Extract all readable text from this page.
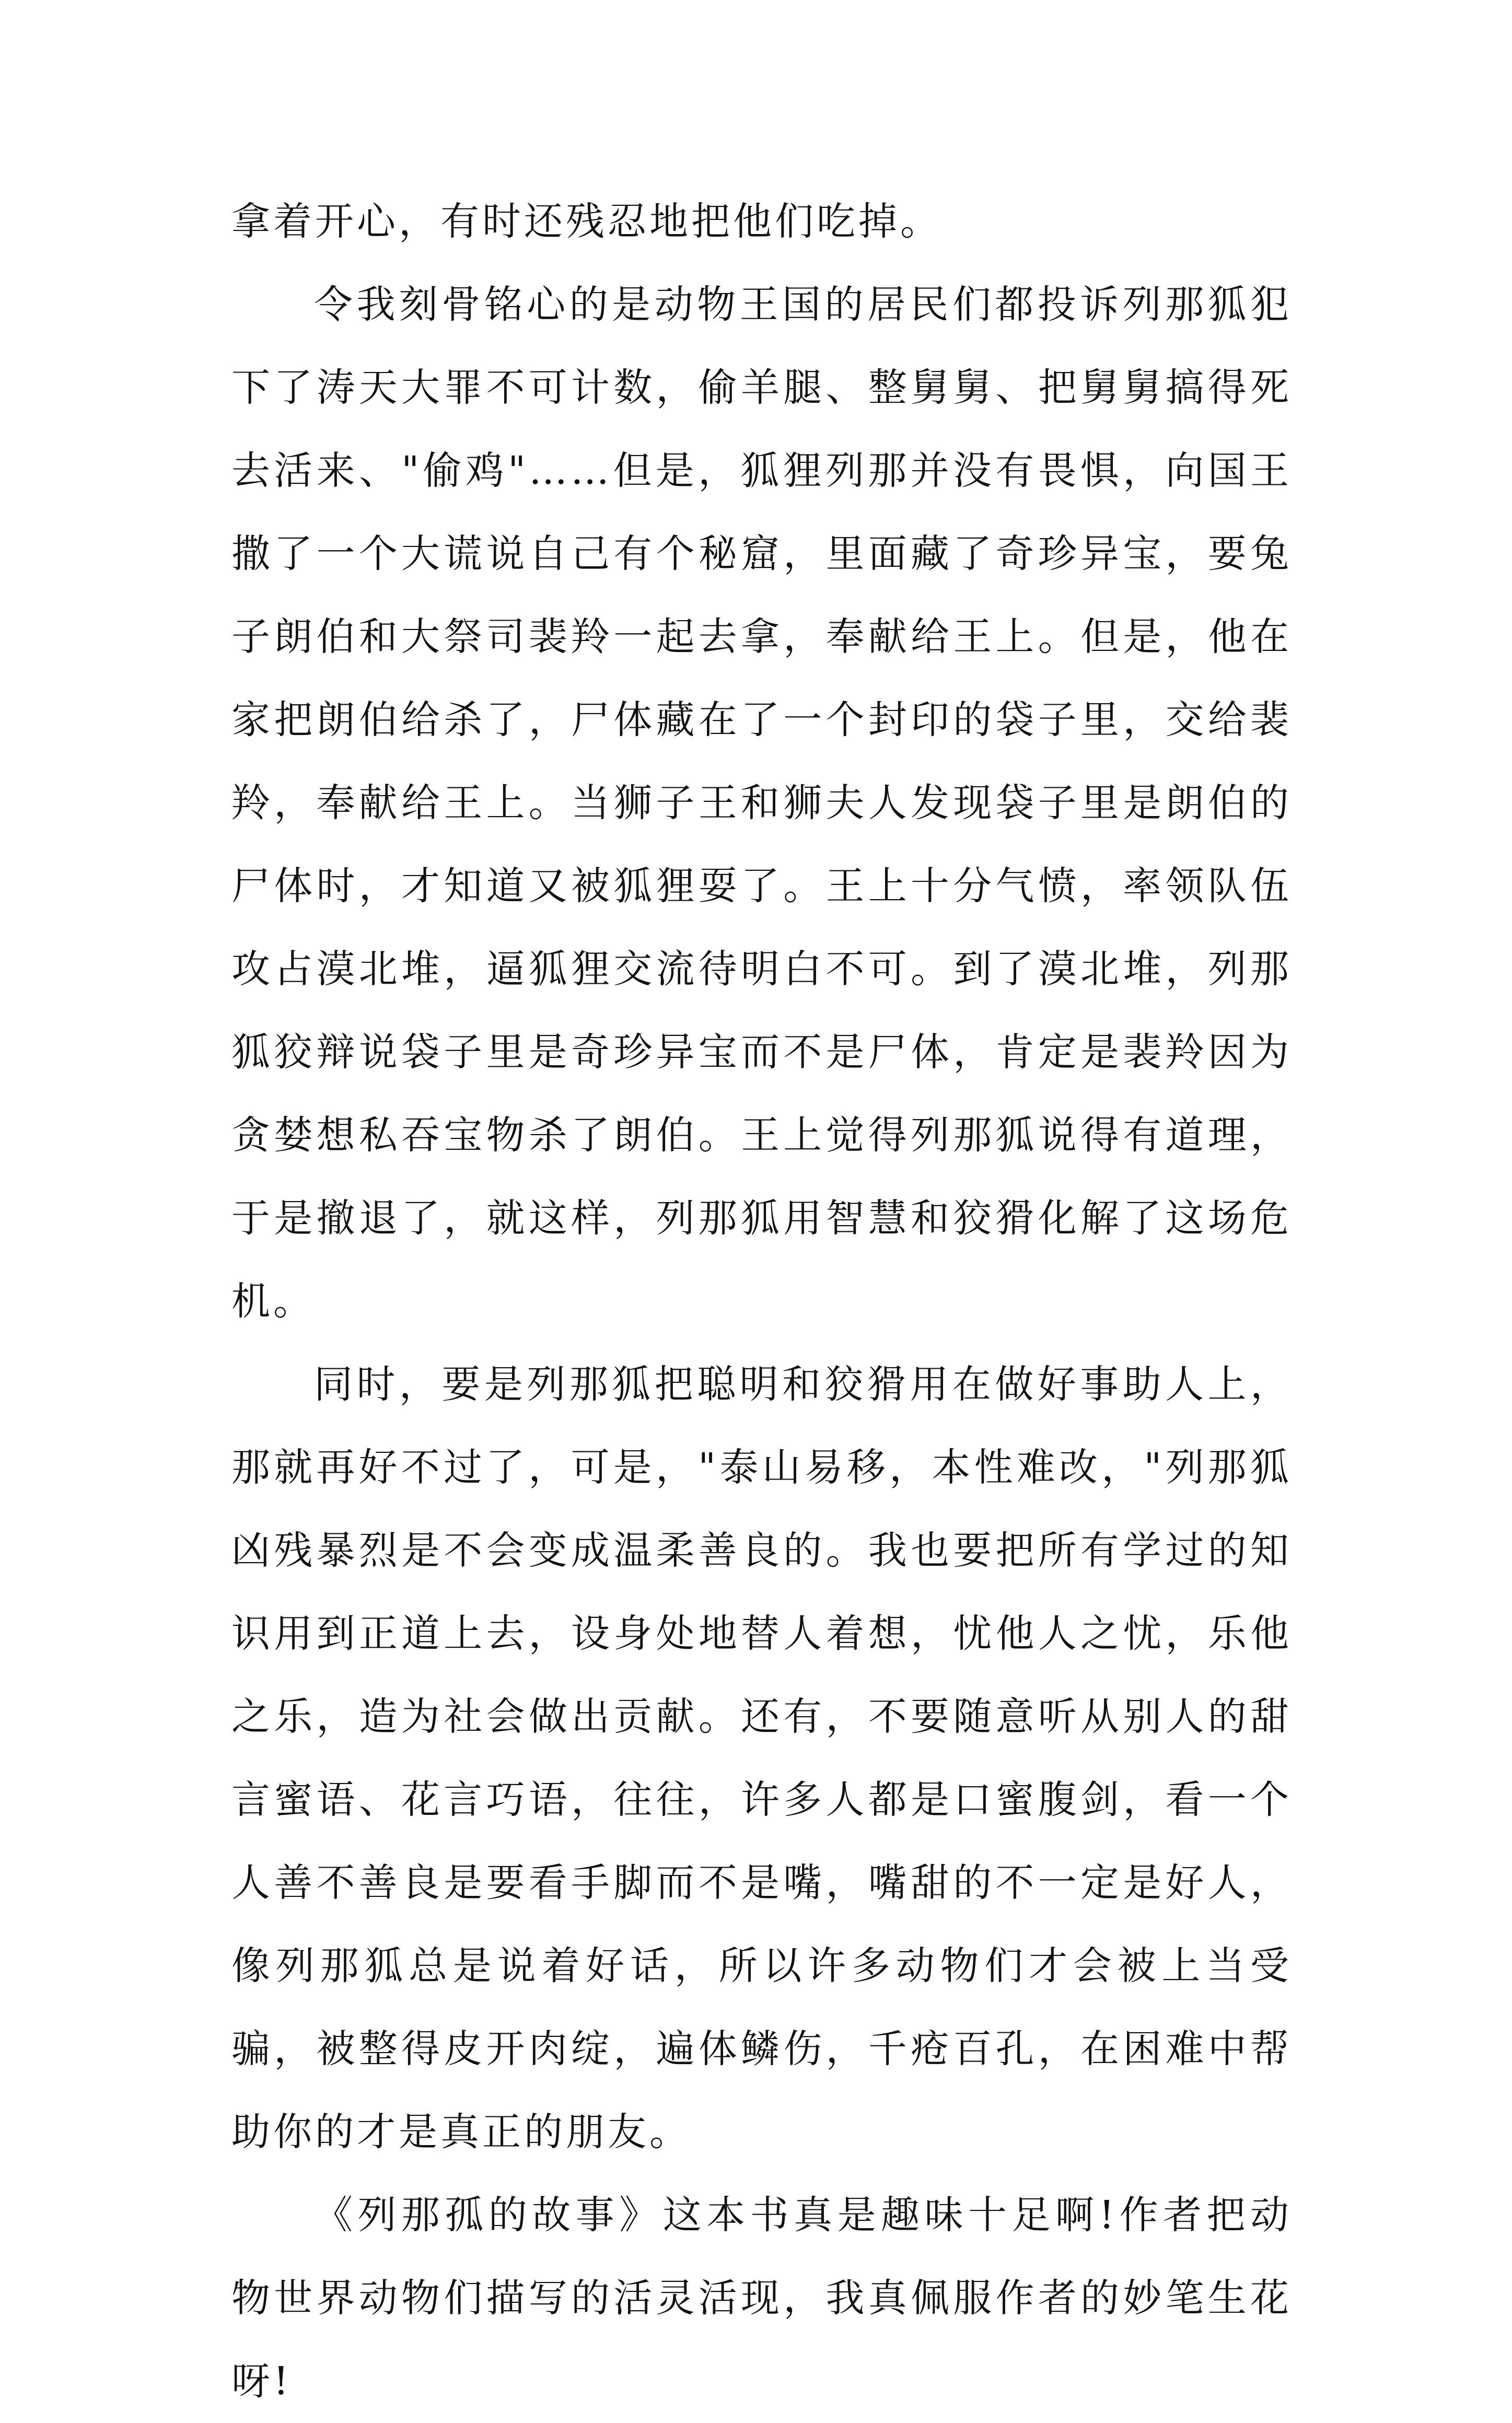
拿着开心，有时还残忍地把他们吃掉。

令我刻骨铭心的是动物王国的居民们都投诉列那狐犯下了涛天大罪不可计数，偷羊腿、整舅舅、把舅舅搞得死去活来、"偷鸡"……但是，狐狸列那并没有畏惧，向国王撒了一个大谎说自己有个秘窟，里面藏了奇珍异宝，要兔子朗伯和大祭司裴羚一起去拿，奉献给王上。但是，他在家把朗伯给杀了，尸体藏在了一个封印的袋子里，交给裴羚，奉献给王上。当狮子王和狮夫人发现袋子里是朗伯的尸体时，才知道又被狐狸耍了。王上十分气愤，率领队伍攻占漠北堆，逼狐狸交流待明白不可。到了漠北堆，列那狐狡辩说袋子里是奇珍异宝而不是尸体，肯定是裴羚因为贪婪想私吞宝物杀了朗伯。王上觉得列那狐说得有道理，于是撤退了，就这样，列那狐用智慧和狡猾化解了这场危机。

同时，要是列那狐把聪明和狡猾用在做好事助人上，那就再好不过了，可是，"泰山易移，本性难改，"列那狐凶残暴烈是不会变成温柔善良的。我也要把所有学过的知识用到正道上去，设身处地替人着想，忧他人之忧，乐他之乐，造为社会做出贡献。还有，不要随意听从别人的甜言蜜语、花言巧语，往往，许多人都是口蜜腹剑，看一个人善不善良是要看手脚而不是嘴，嘴甜的不一定是好人，像列那狐总是说着好话，所以许多动物们才会被上当受骗，被整得皮开肉绽，遍体鳞伤，千疮百孔，在困难中帮助你的才是真正的朋友。

《列那孤的故事》这本书真是趣味十足啊!作者把动物世界动物们描写的活灵活现，我真佩服作者的妙笔生花呀!
